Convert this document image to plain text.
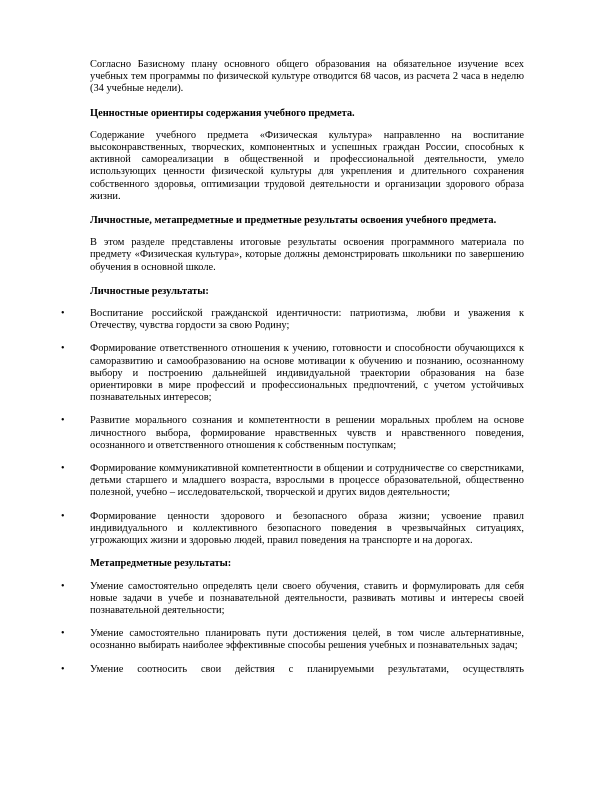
Согласно Базисному плану основного общего образования на обязательное изучение всех учебных тем программы по физической культуре отводится 68 часов, из расчета 2 часа в неделю (34 учебные недели).

Ценностные ориентиры содержания учебного предмета.

Содержание учебного предмета «Физическая культура» направленно на воспитание высоконравственных, творческих, компонентных и успешных граждан России, способных к активной самореализации в общественной и профессиональной деятельности, умело использующих ценности физической культуры для укрепления и длительного сохранения собственного здоровья, оптимизации трудовой деятельности и организации здорового образа жизни.

Личностные, метапредметные и предметные результаты освоения учебного предмета.

В этом разделе представлены итоговые результаты освоения программного материала по предмету «Физическая культура», которые должны демонстрировать школьники по завершению обучения в основной школе.

Личностные результаты:

•	Воспитание российской гражданской идентичности: патриотизма, любви и уважения к Отечеству, чувства гордости за свою Родину;
•	Формирование ответственного отношения к учению, готовности и способности обучающихся к саморазвитию и самообразованию на основе мотивации к обучению и познанию, осознанному выбору и построению дальнейшей индивидуальной траектории образования на базе ориентировки в мире профессий и профессиональных предпочтений, с учетом устойчивых познавательных интересов;
•	Развитие морального сознания и компетентности в решении моральных проблем на основе личностного выбора, формирование нравственных чувств и нравственного поведения, осознанного и ответственного отношения к собственным поступкам;
•	Формирование коммуникативной компетентности в общении и сотрудничестве со сверстниками, детьми старшего и младшего возраста, взрослыми в процессе образовательной, общественно полезной, учебно – исследовательской, творческой и других видов деятельности;
•	Формирование ценности здорового и безопасного образа жизни; усвоение правил индивидуального и коллективного безопасного поведения в чрезвычайных ситуациях, угрожающих жизни и здоровью людей, правил поведения на транспорте и на дорогах.

Метапредметные результаты:

•	Умение самостоятельно определять цели своего обучения, ставить и формулировать для себя новые задачи в учебе и познавательной деятельности, развивать мотивы и интересы своей познавательной деятельности;
•	Умение самостоятельно планировать пути достижения целей, в том числе альтернативные, осознанно выбирать наиболее эффективные способы решения учебных и познавательных задач;
•	Умение соотносить свои действия с планируемыми результатами, осуществлять
